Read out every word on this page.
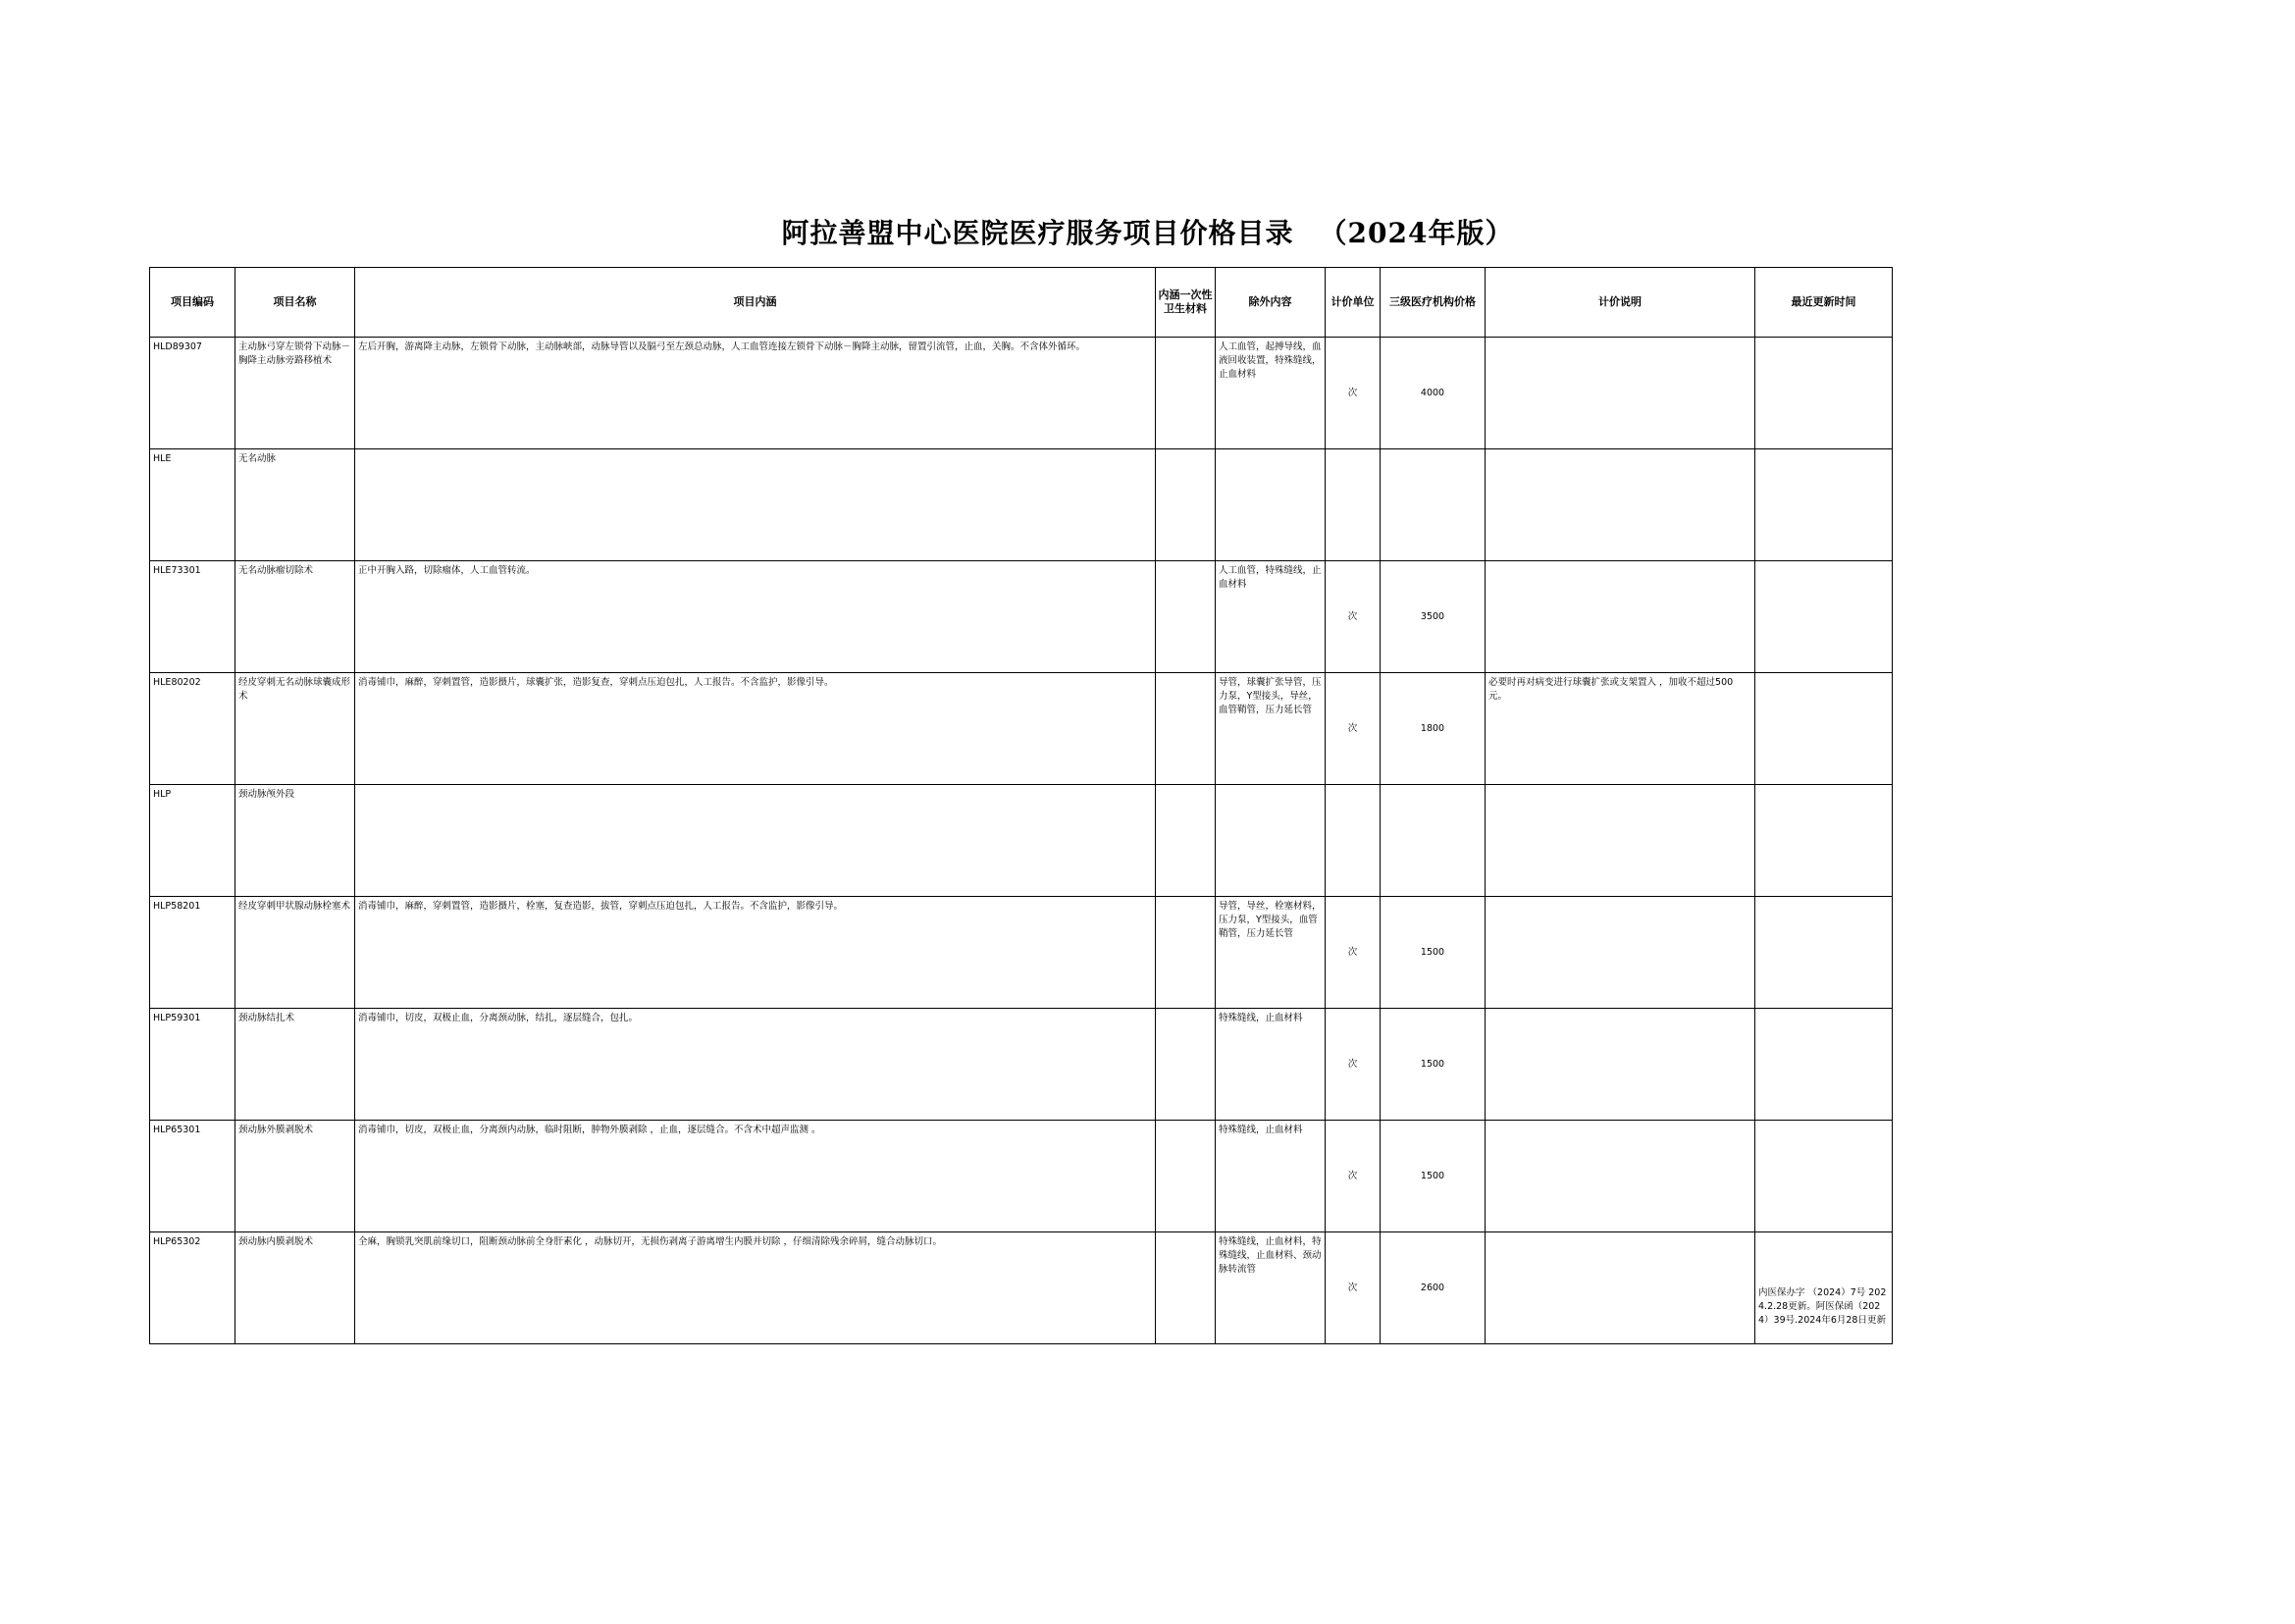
阿拉善盟中心医院医疗服务项目价格目录 （2024年版）
项目编码	项目名称	项目内涵	内涵一次性卫生材料	除外内容	计价单位	三级医疗机构价格	计价说明	最近更新时间

HLD89307	主动脉弓穿左锁骨下动脉－胸降主动脉旁路移植术	左后开胸，游离降主动脉，左锁骨下动脉，主动脉峡部，动脉导管以及膈弓至左颈总动脉，人工血管连接左锁骨下动脉－胸降主动脉，留置引流管，止血，关胸。不含体外循环。		人工血管，起搏导线，血液回收装置，特殊缝线，止血材料	次	4000		

HLE	无名动脉							

HLE73301	无名动脉瘤切除术	正中开胸入路，切除瘤体，人工血管转流。		人工血管，特殊缝线，止血材料	次	3500		

HLE80202	经皮穿刺无名动脉球囊成形术	消毒铺巾，麻醉，穿刺置管，造影摄片，球囊扩张，造影复查，穿刺点压迫包扎，人工报告。不含监护，影像引导。		导管，球囊扩张导管，压力泵，Y型接头，导丝，血管鞘管，压力延长管	次	1800	必要时再对病变进行球囊扩张或支架置入 ，加收不超过500元。	

HLP	颈动脉颅外段							

HLP58201	经皮穿刺甲状腺动脉栓塞术	消毒铺巾，麻醉，穿刺置管，造影摄片，栓塞，复查造影，拔管，穿刺点压迫包扎，人工报告。不含监护，影像引导。		导管，导丝，栓塞材料，压力泵，Y型接头，血管鞘管，压力延长管	次	1500		

HLP59301	颈动脉结扎术	消毒铺巾，切皮，双极止血，分离颈动脉，结扎，逐层缝合，包扎。		特殊缝线，止血材料	次	1500		

HLP65301	颈动脉外膜剥脱术	消毒铺巾，切皮，双极止血，分离颈内动脉，临时阻断，肿物外膜剥除 ，止血，逐层缝合。不含术中超声监测 。		特殊缝线，止血材料	次	1500		

HLP65302	颈动脉内膜剥脱术	全麻，胸锁乳突肌前缘切口，阻断颈动脉前全身肝素化 ，动脉切开，无损伤剥离子游离增生内膜并切除 ，仔细清除残余碎屑，缝合动脉切口。		特殊缝线，止血材料，特殊缝线，止血材料、颈动脉转流管	次	2600		内医保办字 （2024）7号 2024.2.28更新。阿医保函（2024）39号.2024年6月28日更新
